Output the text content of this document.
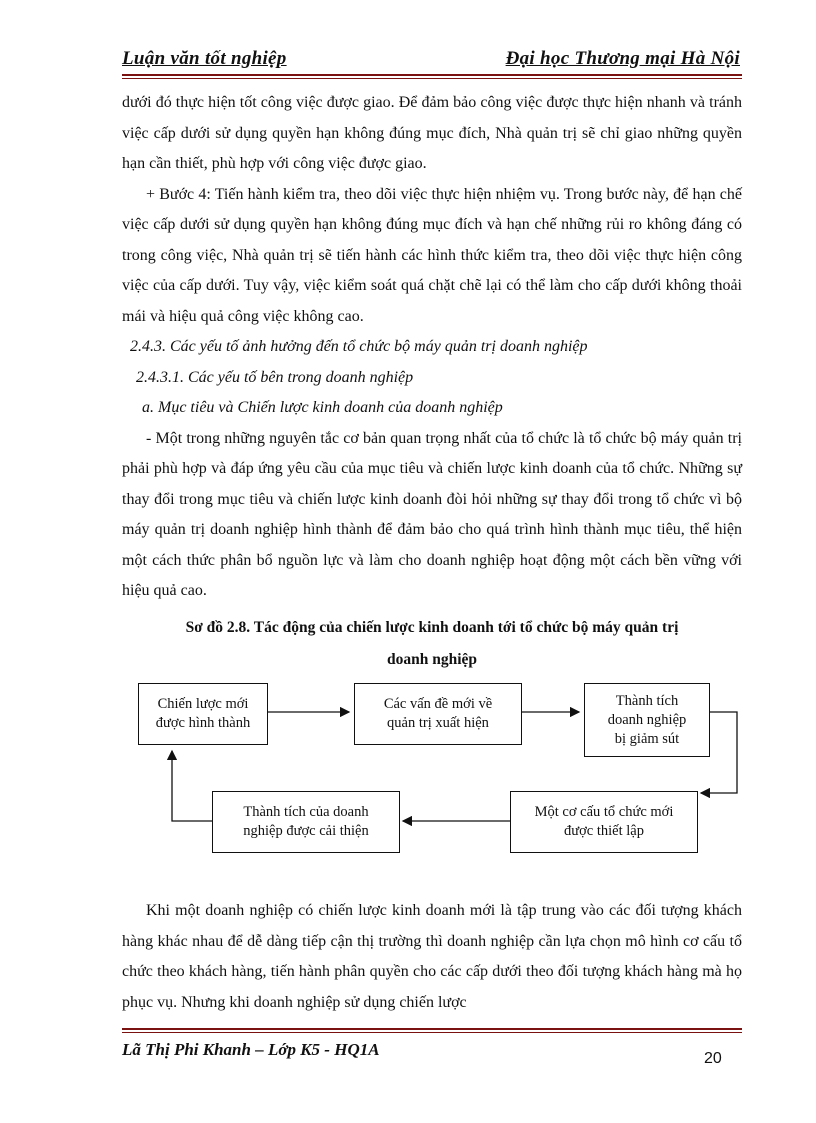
Luận văn tốt nghiệp	Đại học Thương mại Hà Nội

dưới đó thực hiện tốt công việc được giao. Để đảm bảo công việc được thực hiện nhanh và tránh việc cấp dưới sử dụng quyền hạn không đúng mục đích, Nhà quản trị sẽ chỉ giao những quyền hạn cần thiết, phù hợp với công việc được giao.

+ Bước 4: Tiến hành kiểm tra, theo dõi việc thực hiện nhiệm vụ. Trong bước này, để hạn chế việc cấp dưới sử dụng quyền hạn không đúng mục đích và hạn chế những rủi ro không đáng có trong công việc, Nhà quản trị sẽ tiến hành các hình thức kiểm tra, theo dõi việc thực hiện công việc của cấp dưới. Tuy vậy, việc kiểm soát quá chặt chẽ lại có thể làm cho cấp dưới không thoải mái và hiệu quả công việc không cao.

2.4.3. Các yếu tố ảnh hưởng đến tổ chức bộ máy quản trị doanh nghiệp

2.4.3.1. Các yếu tố bên trong doanh nghiệp

a. Mục tiêu và Chiến lược kinh doanh của doanh nghiệp

- Một trong những nguyên tắc cơ bản quan trọng nhất của tổ chức là tổ chức bộ máy quản trị phải phù hợp và đáp ứng yêu cầu của mục tiêu và chiến lược kinh doanh của tổ chức. Những sự thay đổi trong mục tiêu và chiến lược kinh doanh đòi hỏi những sự thay đổi trong tổ chức vì bộ máy quản trị doanh nghiệp hình thành để đảm bảo cho quá trình hình thành mục tiêu, thể hiện một cách thức phân bổ nguồn lực và làm cho doanh nghiệp hoạt động một cách bền vững với hiệu quả cao.

Sơ đồ 2.8. Tác động của chiến lược kinh doanh tới tổ chức bộ máy quản trị
doanh nghiệp
Chiến lược mới
được hình thành
Các vấn đề mới về
quản trị xuất hiện
Thành tích
doanh nghiệp
bị giảm sút
Một cơ cấu tổ chức mới
được thiết lập
Thành tích của doanh
nghiệp được cải thiện

Khi một doanh nghiệp có chiến lược kinh doanh mới là tập trung vào các đối tượng khách hàng khác nhau để dễ dàng tiếp cận thị trường thì doanh nghiệp cần lựa chọn mô hình cơ cấu tổ chức theo khách hàng, tiến hành phân quyền cho các cấp dưới theo đối tượng khách hàng mà họ phục vụ. Nhưng khi doanh nghiệp sử dụng chiến lược

Lã Thị Phi Khanh – Lớp K5 - HQ1A	20
